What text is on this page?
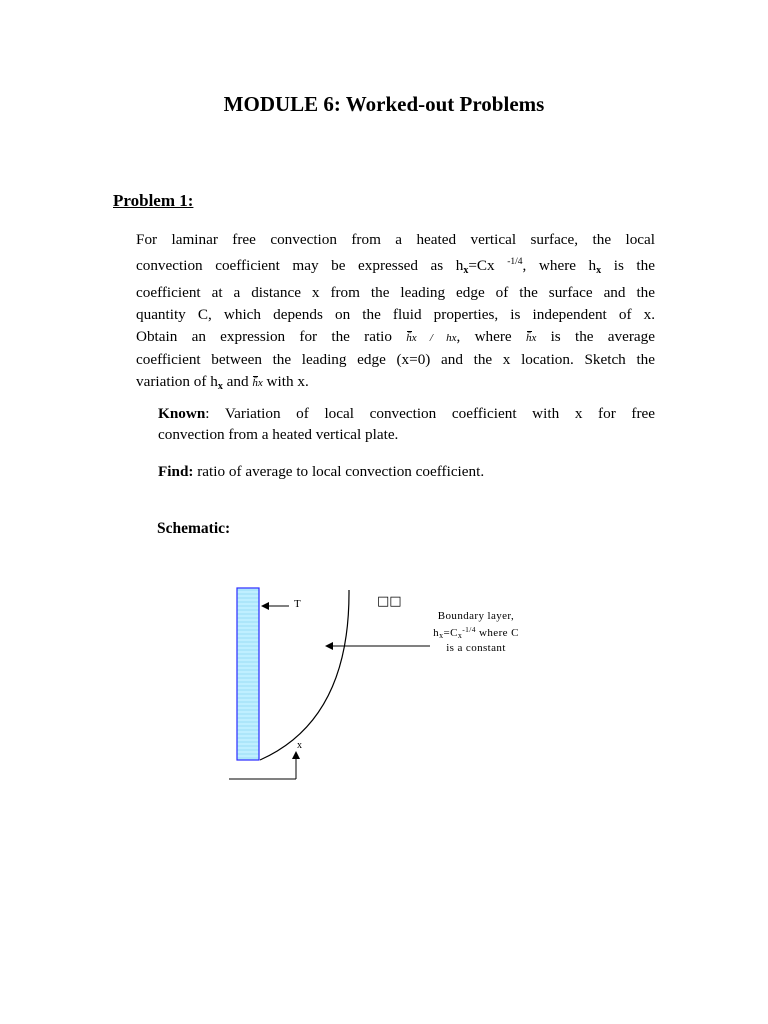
MODULE 6: Worked-out Problems
Problem 1:
For laminar free convection from a heated vertical surface, the local
convection coefficient may be expressed as $h_x=Cx$ $^{-1/4}$, where $h_x$ is the
coefficient at a distance x from the leading edge of the surface and the
quantity C, which depends on the fluid properties, is independent of x.
Obtain an expression for the ratio h̄x / hx, where h̄x is the average
coefficient between the leading edge (x=0) and the x location. Sketch the
variation of $h_x$ and h̄x with x.
Known: Variation of local convection coefficient with x for free
convection from a heated vertical plate.
Find: ratio of average to local convection coefficient.
Schematic:
T	□□
x
Boundary layer,
$h_x=C_x^{-1/4}$ where C
is a constant
